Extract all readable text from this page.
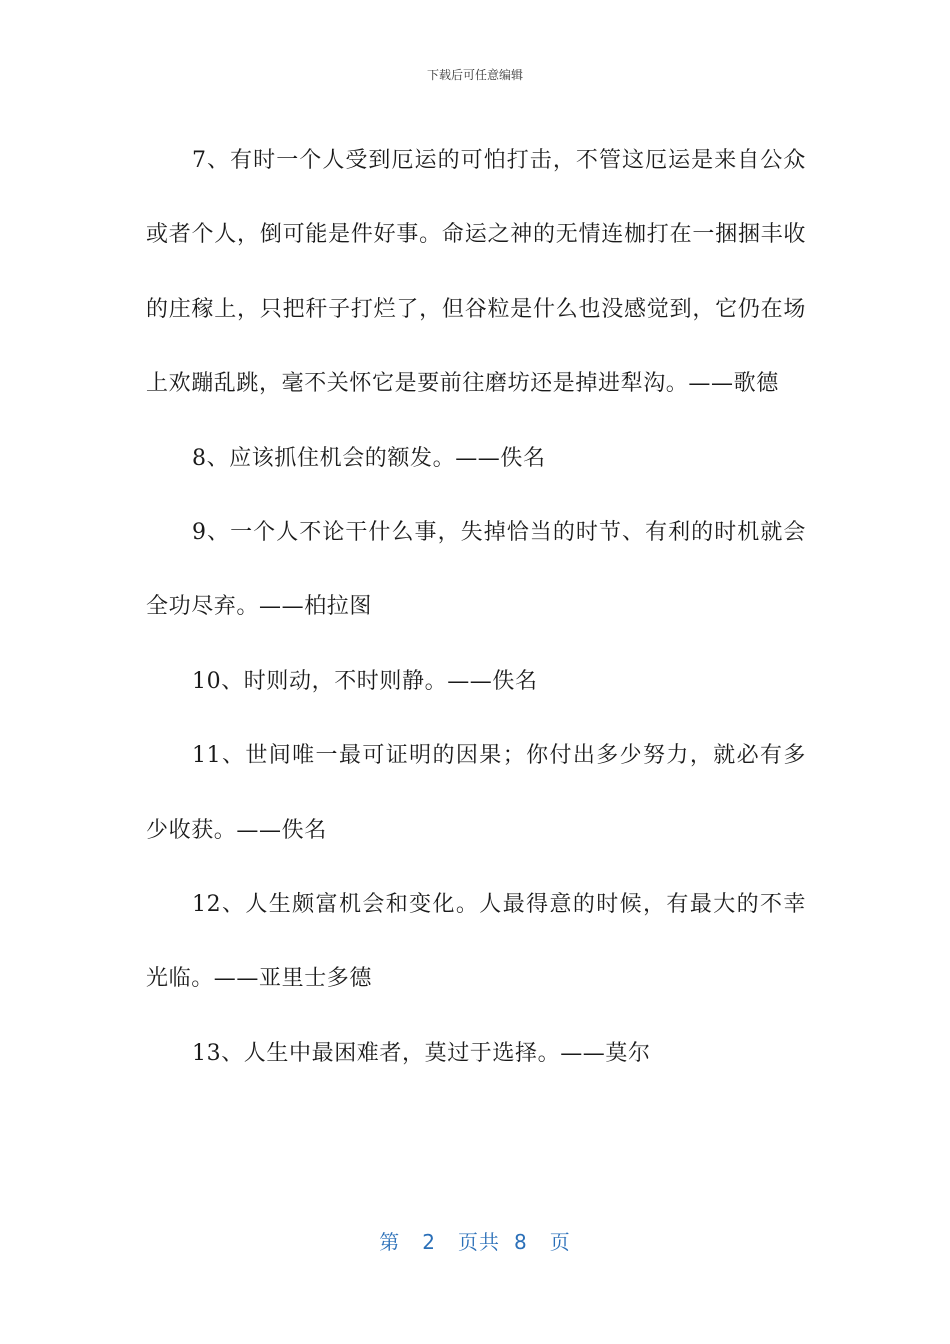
下载后可任意编辑

7、有时一个人受到厄运的可怕打击，不管这厄运是来自公众或者个人，倒可能是件好事。命运之神的无情连枷打在一捆捆丰收的庄稼上，只把秆子打烂了，但谷粒是什么也没感觉到，它仍在场上欢蹦乱跳，毫不关怀它是要前往磨坊还是掉进犁沟。——歌德

8、应该抓住机会的额发。——佚名

9、一个人不论干什么事，失掉恰当的时节、有利的时机就会全功尽弃。——柏拉图

10、时则动，不时则静。——佚名

11、世间唯一最可证明的因果；你付出多少努力，就必有多少收获。——佚名

12、人生颇富机会和变化。人最得意的时候，有最大的不幸光临。——亚里士多德

13、人生中最困难者，莫过于选择。——莫尔

第 2 页共 8 页
